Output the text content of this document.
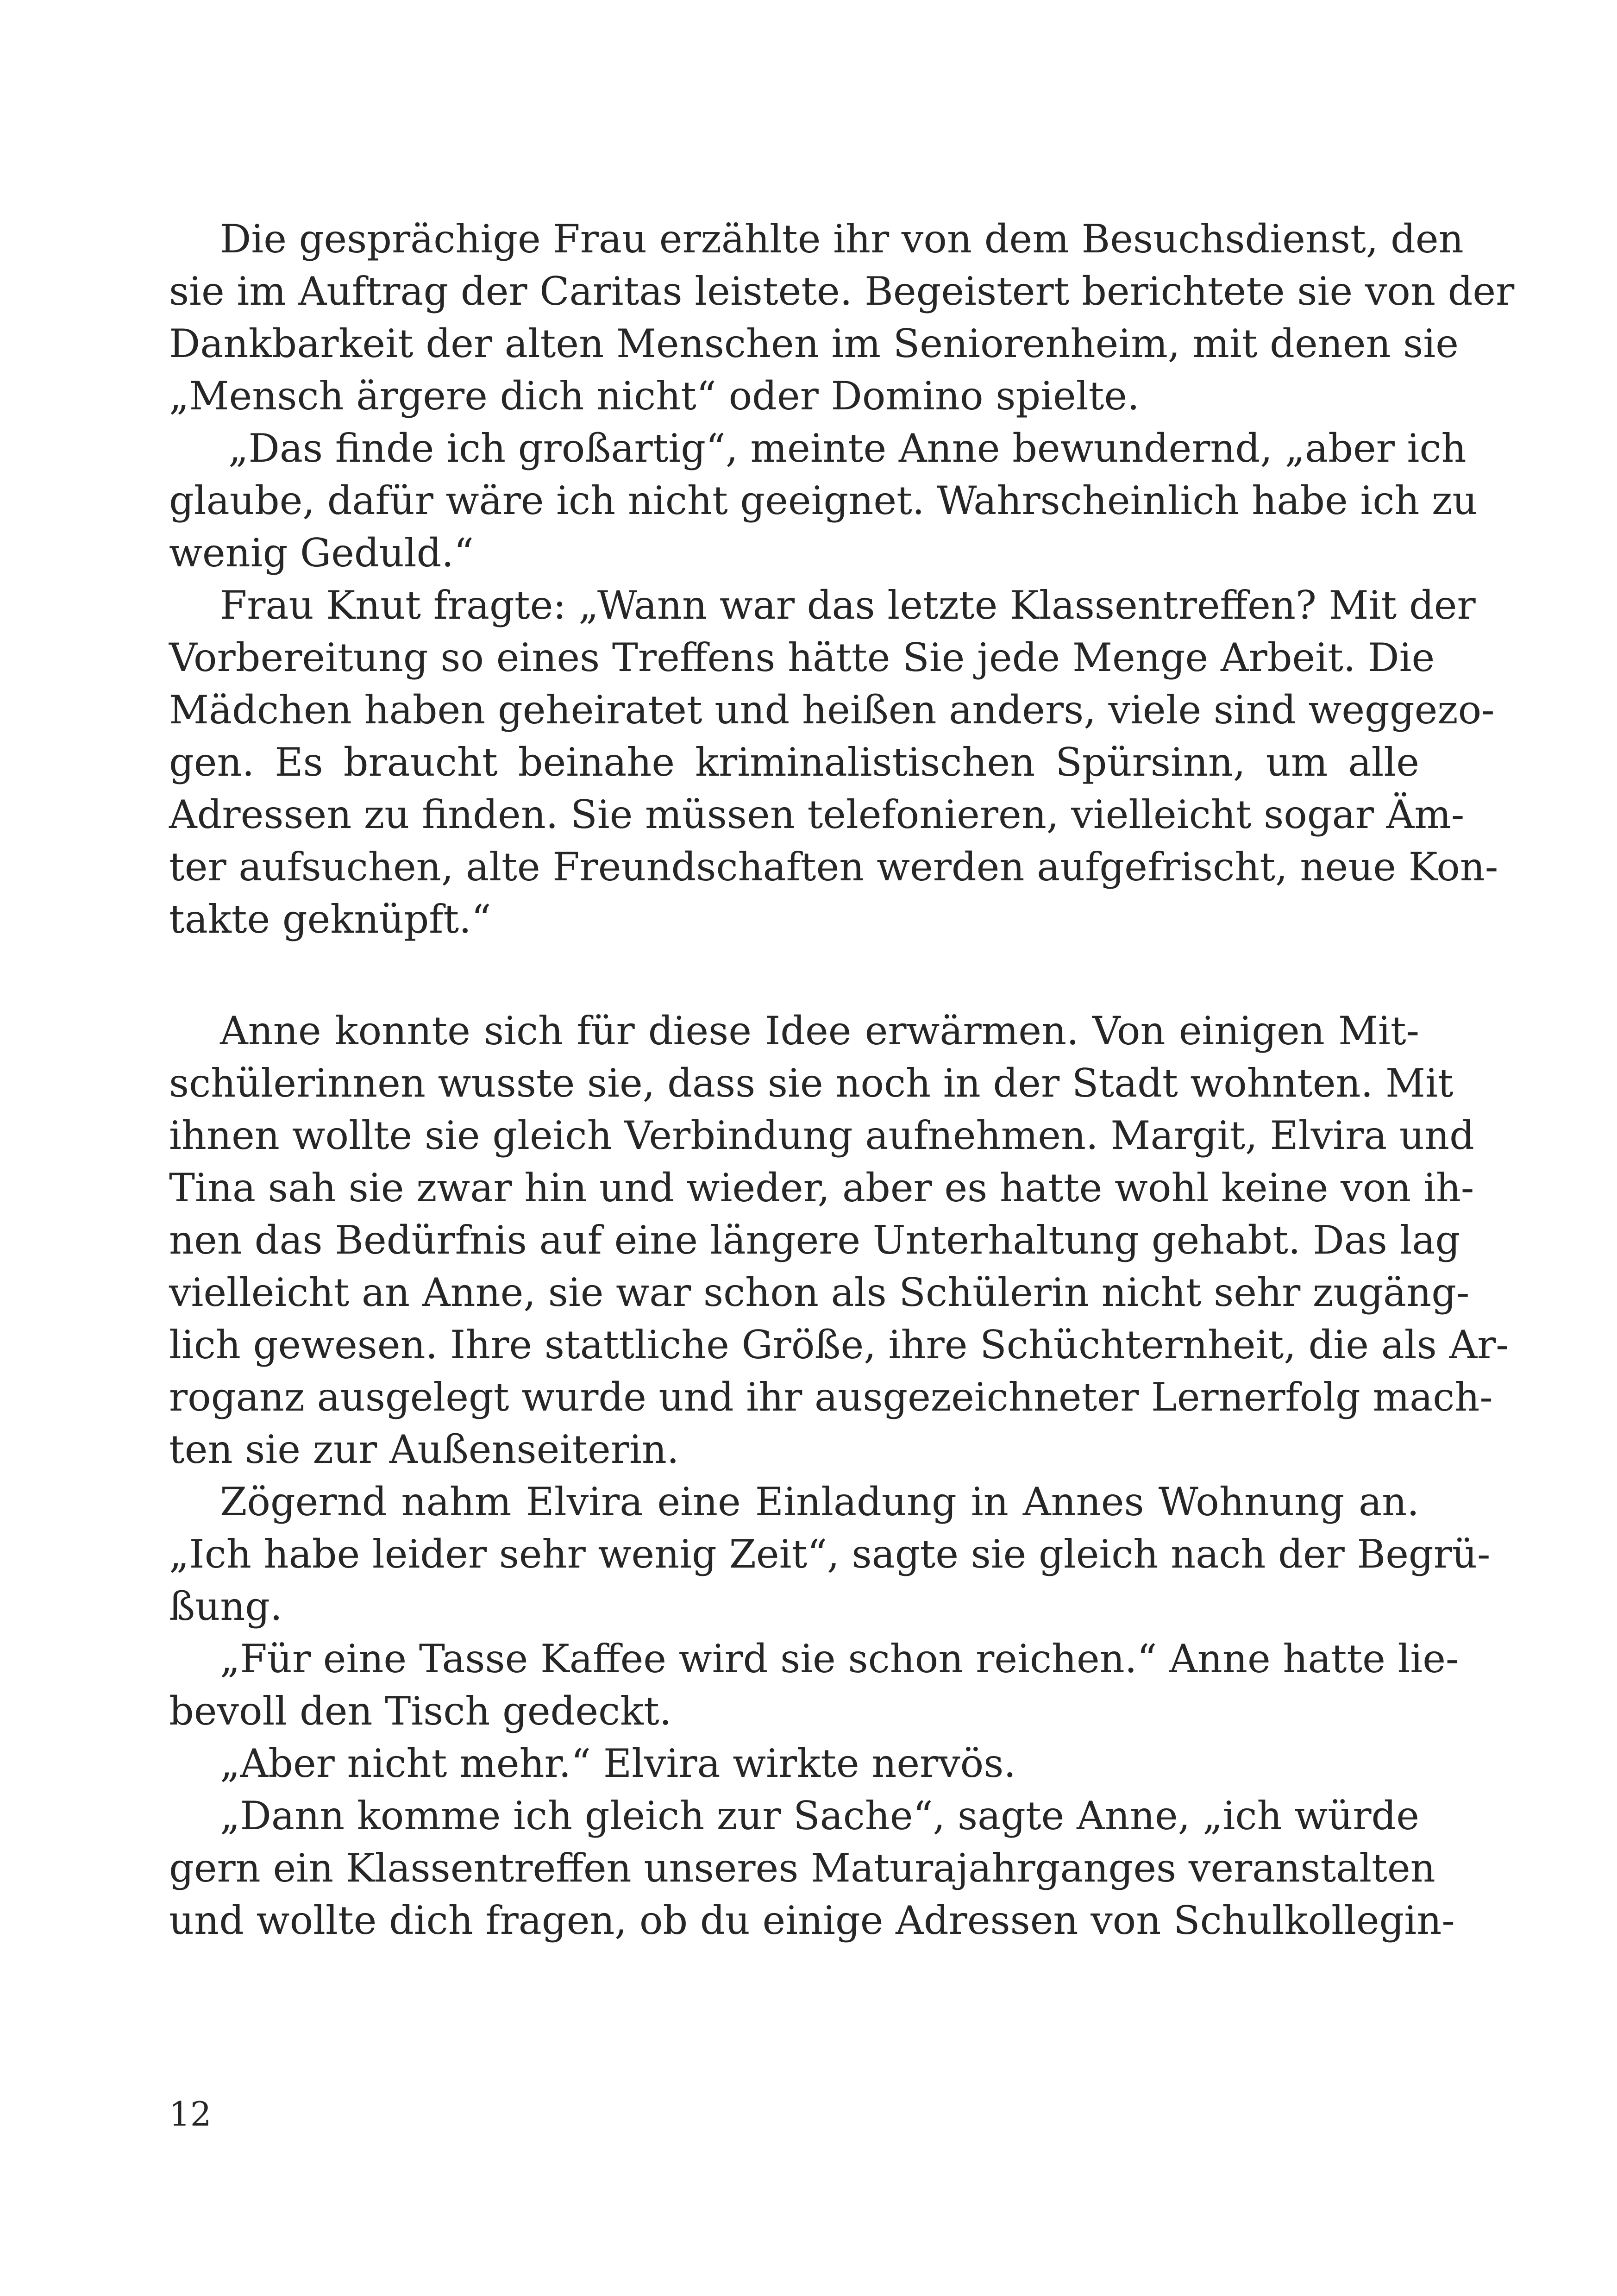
Die gesprächige Frau erzählte ihr von dem Besuchsdienst, den
sie im Auftrag der Caritas leistete. Begeistert berichtete sie von der
Dankbarkeit der alten Menschen im Seniorenheim, mit denen sie
„Mensch ärgere dich nicht“ oder Domino spielte.
„Das finde ich großartig“, meinte Anne bewundernd, „aber ich
glaube, dafür wäre ich nicht geeignet. Wahrscheinlich habe ich zu
wenig Geduld.“
Frau Knut fragte: „Wann war das letzte Klassentreffen? Mit der
Vorbereitung so eines Treffens hätte Sie jede Menge Arbeit. Die
Mädchen haben geheiratet und heißen anders, viele sind weggezo-
gen. Es braucht beinahe kriminalistischen Spürsinn, um alle
Adressen zu finden. Sie müssen telefonieren, vielleicht sogar Äm-
ter aufsuchen, alte Freundschaften werden aufgefrischt, neue Kon-
takte geknüpft.“
Anne konnte sich für diese Idee erwärmen. Von einigen Mit-
schülerinnen wusste sie, dass sie noch in der Stadt wohnten. Mit
ihnen wollte sie gleich Verbindung aufnehmen. Margit, Elvira und
Tina sah sie zwar hin und wieder, aber es hatte wohl keine von ih-
nen das Bedürfnis auf eine längere Unterhaltung gehabt. Das lag
vielleicht an Anne, sie war schon als Schülerin nicht sehr zugäng-
lich gewesen. Ihre stattliche Größe, ihre Schüchternheit, die als Ar-
roganz ausgelegt wurde und ihr ausgezeichneter Lernerfolg mach-
ten sie zur Außenseiterin.
Zögernd nahm Elvira eine Einladung in Annes Wohnung an.
„Ich habe leider sehr wenig Zeit“, sagte sie gleich nach der Begrü-
ßung.
„Für eine Tasse Kaffee wird sie schon reichen.“ Anne hatte lie-
bevoll den Tisch gedeckt.
„Aber nicht mehr.“ Elvira wirkte nervös.
„Dann komme ich gleich zur Sache“, sagte Anne, „ich würde
gern ein Klassentreffen unseres Maturajahrganges veranstalten
und wollte dich fragen, ob du einige Adressen von Schulkollegin-
12
